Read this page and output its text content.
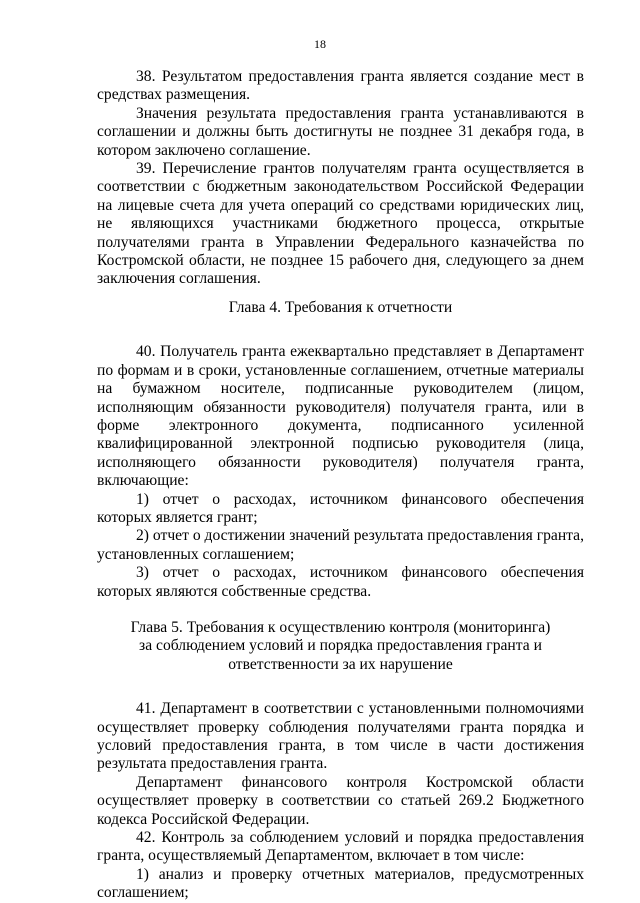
18

38. Результатом предоставления гранта является создание мест в средствах размещения.

Значения результата предоставления гранта устанавливаются в соглашении и должны быть достигнуты не позднее 31 декабря года, в котором заключено соглашение.

39. Перечисление грантов получателям гранта осуществляется в соответствии с бюджетным законодательством Российской Федерации на лицевые счета для учета операций со средствами юридических лиц, не являющихся участниками бюджетного процесса, открытые получателями гранта в Управлении Федерального казначейства по Костромской области, не позднее 15 рабочего дня, следующего за днем заключения соглашения.

Глава 4. Требования к отчетности

40. Получатель гранта ежеквартально представляет в Департамент по формам и в сроки, установленные соглашением, отчетные материалы на бумажном носителе, подписанные руководителем (лицом, исполняющим обязанности руководителя) получателя гранта, или в форме электронного документа, подписанного усиленной квалифицированной электронной подписью руководителя (лица, исполняющего обязанности руководителя) получателя гранта, включающие:

1) отчет о расходах, источником финансового обеспечения которых является грант;

2) отчет о достижении значений результата предоставления гранта, установленных соглашением;

3) отчет о расходах, источником финансового обеспечения которых являются собственные средства.

Глава 5. Требования к осуществлению контроля (мониторинга)
за соблюдением условий и порядка предоставления гранта и
ответственности за их нарушение

41. Департамент в соответствии с установленными полномочиями осуществляет проверку соблюдения получателями гранта порядка и условий предоставления гранта, в том числе в части достижения результата предоставления гранта.

Департамент финансового контроля Костромской области осуществляет проверку в соответствии со статьей 269.2 Бюджетного кодекса Российской Федерации.

42. Контроль за соблюдением условий и порядка предоставления гранта, осуществляемый Департаментом, включает в том числе:

1) анализ и проверку отчетных материалов, предусмотренных соглашением;
